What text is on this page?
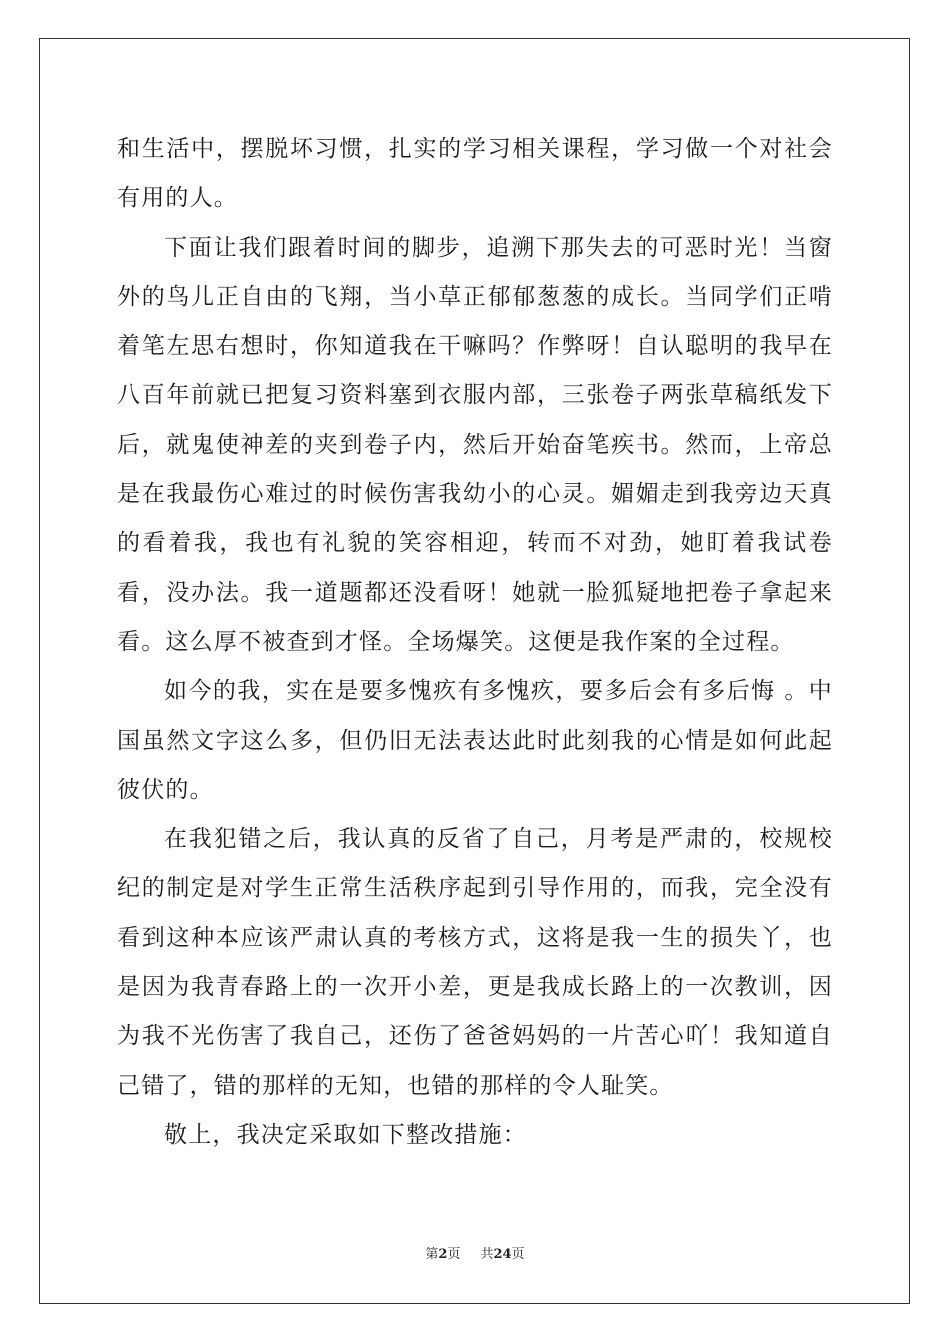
和生活中，摆脱坏习惯，扎实的学习相关课程，学习做一个对社会有用的人。

下面让我们跟着时间的脚步，追溯下那失去的可恶时光！当窗外的鸟儿正自由的飞翔，当小草正郁郁葱葱的成长。当同学们正啃着笔左思右想时，你知道我在干嘛吗？作弊呀！自认聪明的我早在八百年前就已把复习资料塞到衣服内部，三张卷子两张草稿纸发下后，就鬼使神差的夹到卷子内，然后开始奋笔疾书。然而，上帝总是在我最伤心难过的时候伤害我幼小的心灵。媚媚走到我旁边天真的看着我，我也有礼貌的笑容相迎，转而不对劲，她盯着我试卷看，没办法。我一道题都还没看呀！她就一脸狐疑地把卷子拿起来看。这么厚不被查到才怪。全场爆笑。这便是我作案的全过程。

如今的我，实在是要多愧疚有多愧疚，要多后会有多后悔 。中国虽然文字这么多，但仍旧无法表达此时此刻我的心情是如何此起彼伏的。

在我犯错之后，我认真的反省了自己，月考是严肃的，校规校纪的制定是对学生正常生活秩序起到引导作用的，而我，完全没有看到这种本应该严肃认真的考核方式，这将是我一生的损失丫，也是因为我青春路上的一次开小差，更是我成长路上的一次教训，因为我不光伤害了我自己，还伤了爸爸妈妈的一片苦心吖！我知道自己错了，错的那样的无知，也错的那样的令人耻笑。

敬上，我决定采取如下整改措施：

第2页 共24页
